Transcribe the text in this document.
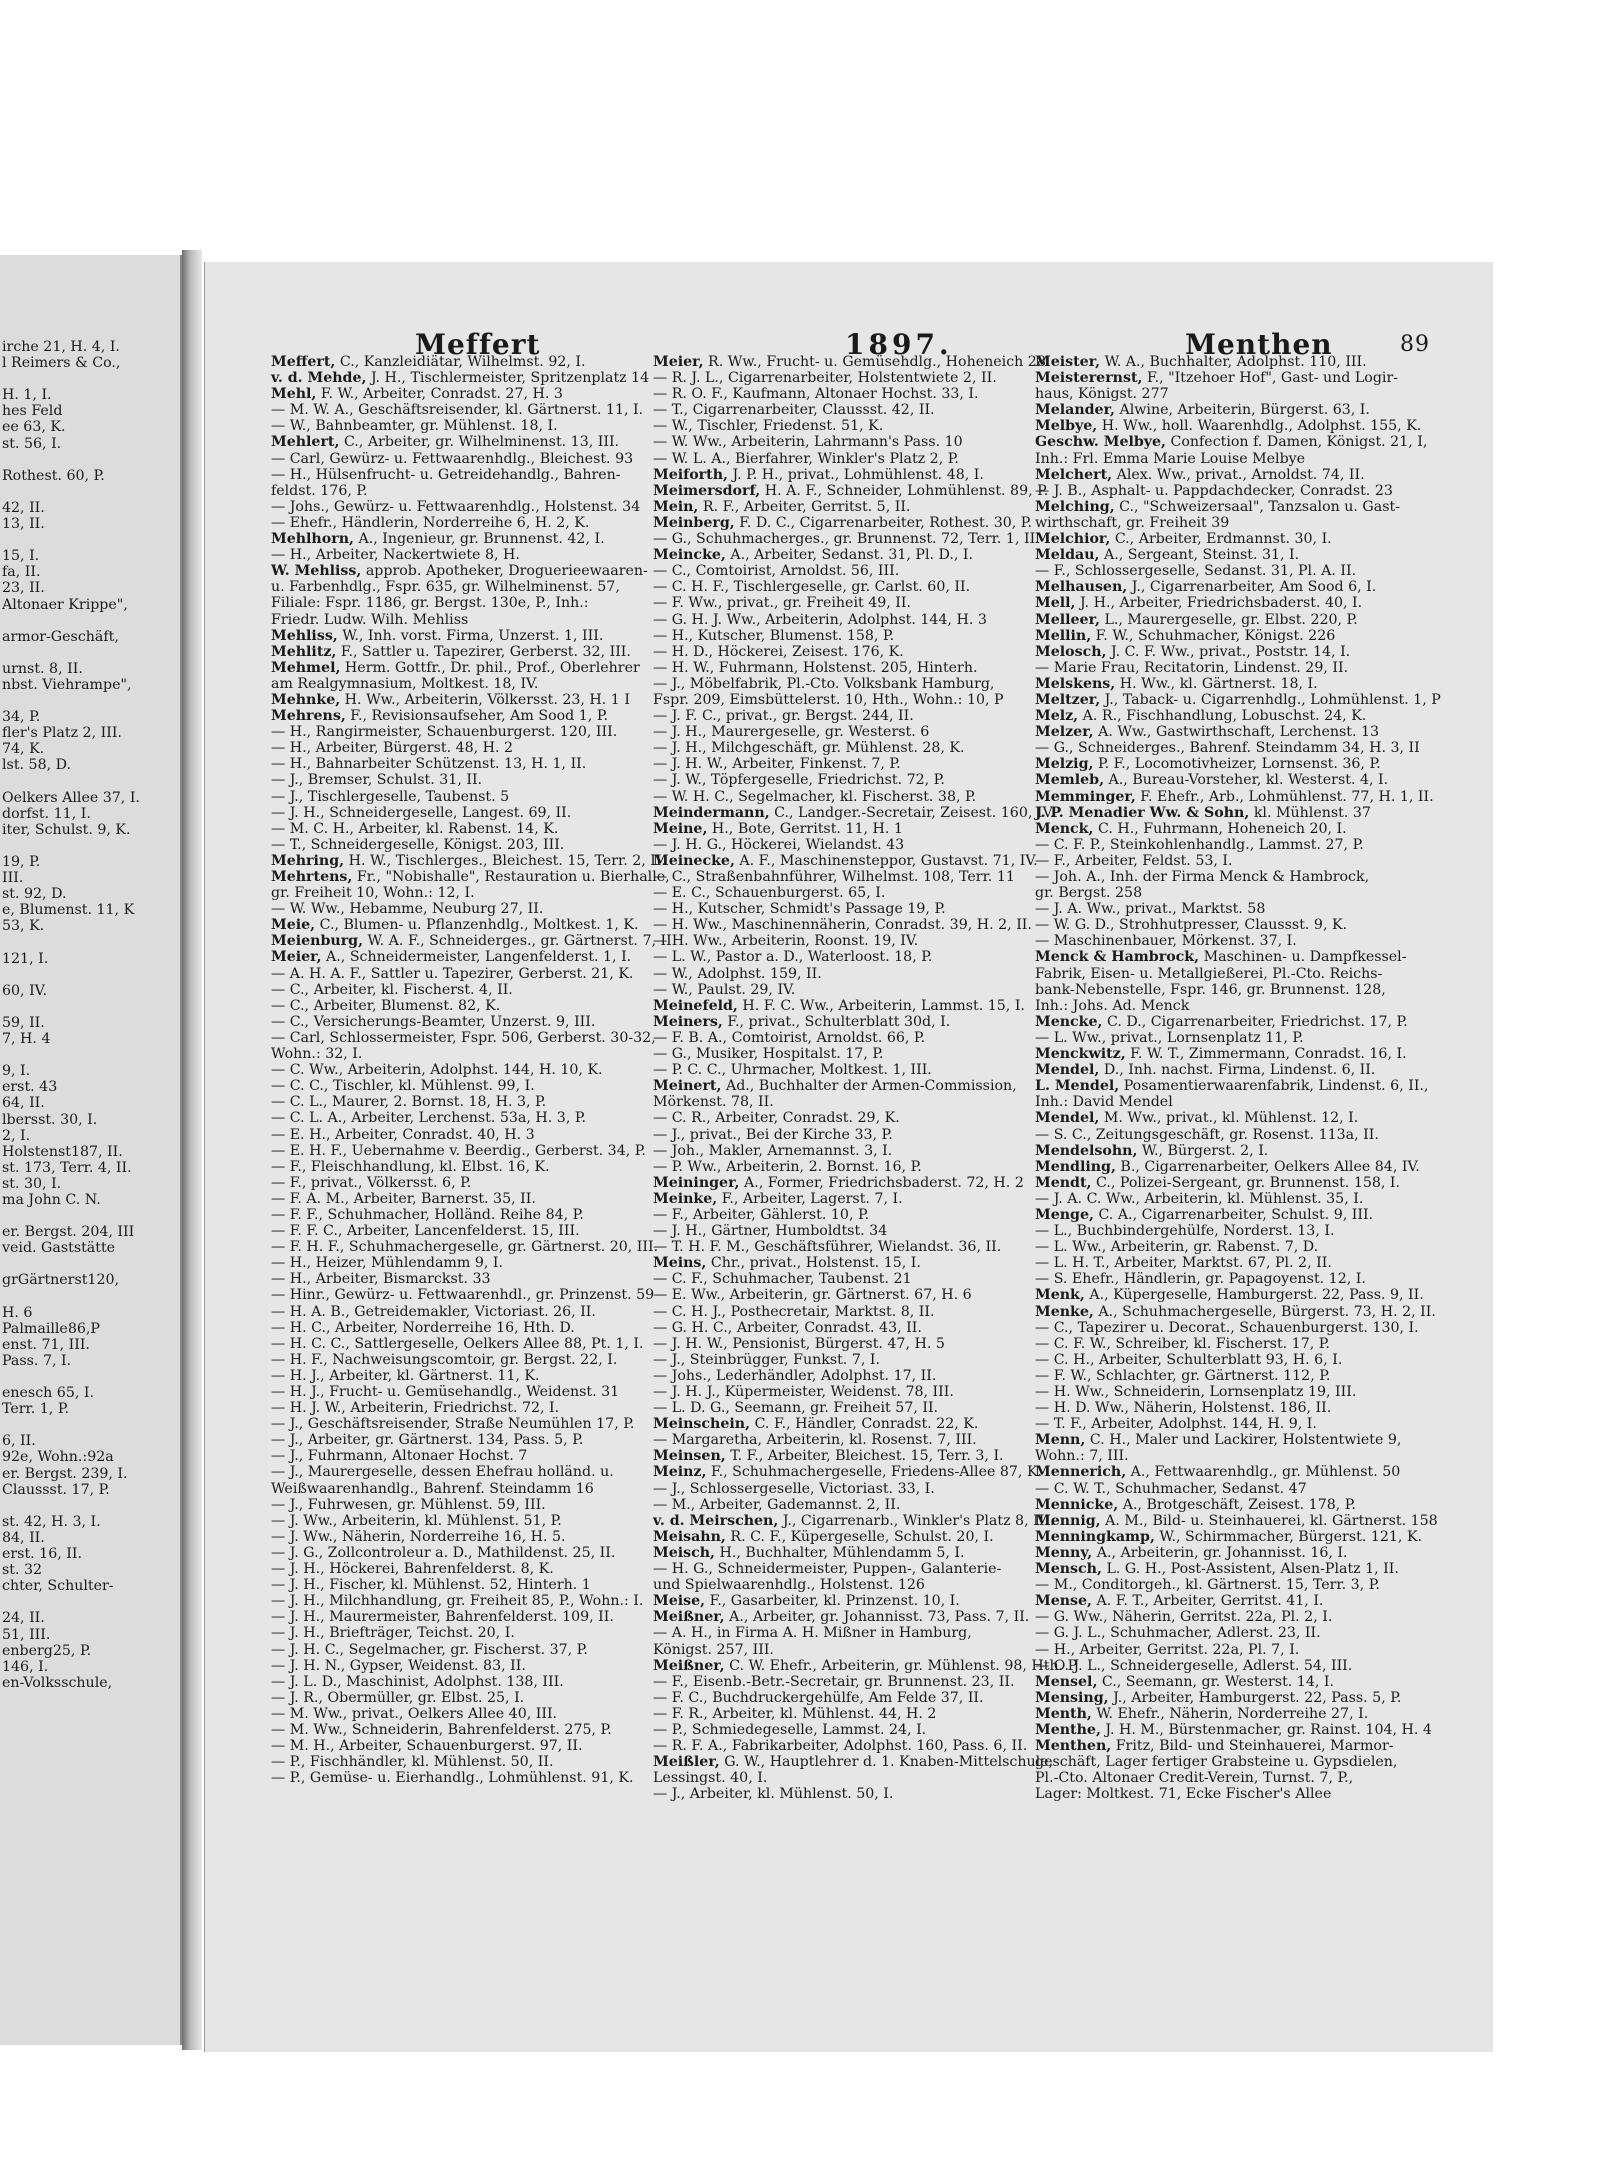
irche 21, H. 4, I.
l Reimers & Co.,

H. 1, I.
hes Feld
ee 63, K.
st. 56, I.

Rothest. 60, P.

42, II.
13, II.

15, I.
fa, II.
23, II.
Altonaer Krippe",

armor-Geschäft,

urnst. 8, II.
nbst. Viehrampe",

34, P.
fler's Platz 2, III.
74, K.
lst. 58, D.

Oelkers Allee 37, I.
dorfst. 11, I.
iter, Schulst. 9, K.

19, P.
III.
st. 92, D.
e, Blumenst. 11, K
53, K.

121, I.

60, IV.

59, II.
7, H. 4

9, I.
erst. 43
64, II.
lbersst. 30, I.
2, I.
Holstenst187, II.
st. 173, Terr. 4, II.
st. 30, I.
ma John C. N.

er. Bergst. 204, III
veid. Gaststätte

grGärtnerst120,

H. 6
Palmaille86,P
enst. 71, III.
Pass. 7, I.

enesch 65, I.
Terr. 1, P.

6, II.
92e, Wohn.:92a
er. Bergst. 239, I.
Claussst. 17, P.

st. 42, H. 3, I.
84, II.
erst. 16, II.
st. 32
chter, Schulter-

24, II.
51, III.
enberg25, P.
146, I.
en-Volksschule,
Meffert	1897.	Menthen	89
Meffert, C., Kanzleidiätar, Wilhelmst. 92, I.
v. d. Mehde, J. H., Tischlermeister, Spritzenplatz 14
Mehl, F. W., Arbeiter, Conradst. 27, H. 3
— M. W. A., Geschäftsreisender, kl. Gärtnerst. 11, I.
— W., Bahnbeamter, gr. Mühlenst. 18, I.
Mehlert, C., Arbeiter, gr. Wilhelminenst. 13, III.
— Carl, Gewürz- u. Fettwaarenhdlg., Bleichest. 93
— H., Hülsenfrucht- u. Getreidehandlg., Bahren-
feldst. 176, P.
— Johs., Gewürz- u. Fettwaarenhdlg., Holstenst. 34
— Ehefr., Händlerin, Norderreihe 6, H. 2, K.
Mehlhorn, A., Ingenieur, gr. Brunnenst. 42, I.
— H., Arbeiter, Nackertwiete 8, H.
W. Mehliss, approb. Apotheker, Droguerieewaaren-
u. Farbenhdlg., Fspr. 635, gr. Wilhelminenst. 57,
Filiale: Fspr. 1186, gr. Bergst. 130e, P., Inh.:
Friedr. Ludw. Wilh. Mehliss
Mehliss, W., Inh. vorst. Firma, Unzerst. 1, III.
Mehlitz, F., Sattler u. Tapezirer, Gerberst. 32, III.
Mehmel, Herm. Gottfr., Dr. phil., Prof., Oberlehrer
am Realgymnasium, Moltkest. 18, IV.
Mehnke, H. Ww., Arbeiterin, Völkersst. 23, H. 1 I
Mehrens, F., Revisionsaufseher, Am Sood 1, P.
— H., Rangirmeister, Schauenburgerst. 120, III.
— H., Arbeiter, Bürgerst. 48, H. 2
— H., Bahnarbeiter Schützenst. 13, H. 1, II.
— J., Bremser, Schulst. 31, II.
— J., Tischlergeselle, Taubenst. 5
— J. H., Schneidergeselle, Langest. 69, II.
— M. C. H., Arbeiter, kl. Rabenst. 14, K.
— T., Schneidergeselle, Königst. 203, III.
Mehring, H. W., Tischlerges., Bleichest. 15, Terr. 2, II.
Mehrtens, Fr., "Nobishalle", Restauration u. Bierhalle,
gr. Freiheit 10, Wohn.: 12, I.
— W. Ww., Hebamme, Neuburg 27, II.
Meie, C., Blumen- u. Pflanzenhdlg., Moltkest. 1, K.
Meienburg, W. A. F., Schneiderges., gr. Gärtnerst. 7, II
Meier, A., Schneidermeister, Langenfelderst. 1, I.
— A. H. A. F., Sattler u. Tapezirer, Gerberst. 21, K.
— C., Arbeiter, kl. Fischerst. 4, II.
— C., Arbeiter, Blumenst. 82, K.
— C., Versicherungs-Beamter, Unzerst. 9, III.
— Carl, Schlossermeister, Fspr. 506, Gerberst. 30-32,
Wohn.: 32, I.
— C. Ww., Arbeiterin, Adolphst. 144, H. 10, K.
— C. C., Tischler, kl. Mühlenst. 99, I.
— C. L., Maurer, 2. Bornst. 18, H. 3, P.
— C. L. A., Arbeiter, Lerchenst. 53a, H. 3, P.
— E. H., Arbeiter, Conradst. 40, H. 3
— E. H. F., Uebernahme v. Beerdig., Gerberst. 34, P.
— F., Fleischhandlung, kl. Elbst. 16, K.
— F., privat., Völkersst. 6, P.
— F. A. M., Arbeiter, Barnerst. 35, II.
— F. F., Schuhmacher, Holländ. Reihe 84, P.
— F. F. C., Arbeiter, Lancenfelderst. 15, III.
— F. H. F., Schuhmachergeselle, gr. Gärtnerst. 20, III.
— H., Heizer, Mühlendamm 9, I.
— H., Arbeiter, Bismarckst. 33
— Hinr., Gewürz- u. Fettwaarenhdl., gr. Prinzenst. 59
— H. A. B., Getreidemakler, Victoriast. 26, II.
— H. C., Arbeiter, Norderreihe 16, Hth. D.
— H. C. C., Sattlergeselle, Oelkers Allee 88, Pt. 1, I.
— H. F., Nachweisungscomtoir, gr. Bergst. 22, I.
— H. J., Arbeiter, kl. Gärtnerst. 11, K.
— H. J., Frucht- u. Gemüsehandlg., Weidenst. 31
— H. J. W., Arbeiterin, Friedrichst. 72, I.
— J., Geschäftsreisender, Straße Neumühlen 17, P.
— J., Arbeiter, gr. Gärtnerst. 134, Pass. 5, P.
— J., Fuhrmann, Altonaer Hochst. 7
— J., Maurergeselle, dessen Ehefrau holländ. u.
Weißwaarenhandlg., Bahrenf. Steindamm 16
— J., Fuhrwesen, gr. Mühlenst. 59, III.
— J. Ww., Arbeiterin, kl. Mühlenst. 51, P.
— J. Ww., Näherin, Norderreihe 16, H. 5.
— J. G., Zollcontroleur a. D., Mathildenst. 25, II.
— J. H., Höckerei, Bahrenfelderst. 8, K.
— J. H., Fischer, kl. Mühlenst. 52, Hinterh. 1
— J. H., Milchhandlung, gr. Freiheit 85, P., Wohn.: I.
— J. H., Maurermeister, Bahrenfelderst. 109, II.
— J. H., Briefträger, Teichst. 20, I.
— J. H. C., Segelmacher, gr. Fischerst. 37, P.
— J. H. N., Gypser, Weidenst. 83, II.
— J. L. D., Maschinist, Adolphst. 138, III.
— J. R., Obermüller, gr. Elbst. 25, I.
— M. Ww., privat., Oelkers Allee 40, III.
— M. Ww., Schneiderin, Bahrenfelderst. 275, P.
— M. H., Arbeiter, Schauenburgerst. 97, II.
— P., Fischhändler, kl. Mühlenst. 50, II.
— P., Gemüse- u. Eierhandlg., Lohmühlenst. 91, K.
Meier, R. Ww., Frucht- u. Gemüsehdlg., Hoheneich 28
— R. J. L., Cigarrenarbeiter, Holstentwiete 2, II.
— R. O. F., Kaufmann, Altonaer Hochst. 33, I.
— T., Cigarrenarbeiter, Claussst. 42, II.
— W., Tischler, Friedenst. 51, K.
— W. Ww., Arbeiterin, Lahrmann's Pass. 10
— W. L. A., Bierfahrer, Winkler's Platz 2, P.
Meiforth, J. P. H., privat., Lohmühlenst. 48, I.
Meimersdorf, H. A. F., Schneider, Lohmühlenst. 89, P.
Mein, R. F., Arbeiter, Gerritst. 5, II.
Meinberg, F. D. C., Cigarrenarbeiter, Rothest. 30, P.
— G., Schuhmacherges., gr. Brunnenst. 72, Terr. 1, II.
Meincke, A., Arbeiter, Sedanst. 31, Pl. D., I.
— C., Comtoirist, Arnoldst. 56, III.
— C. H. F., Tischlergeselle, gr. Carlst. 60, II.
— F. Ww., privat., gr. Freiheit 49, II.
— G. H. J. Ww., Arbeiterin, Adolphst. 144, H. 3
— H., Kutscher, Blumenst. 158, P.
— H. D., Höckerei, Zeisest. 176, K.
— H. W., Fuhrmann, Holstenst. 205, Hinterh.
— J., Möbelfabrik, Pl.-Cto. Volksbank Hamburg,
Fspr. 209, Eimsbüttelerst. 10, Hth., Wohn.: 10, P
— J. F. C., privat., gr. Bergst. 244, II.
— J. H., Maurergeselle, gr. Westerst. 6
— J. H., Milchgeschäft, gr. Mühlenst. 28, K.
— J. H. W., Arbeiter, Finkenst. 7, P.
— J. W., Töpfergeselle, Friedrichst. 72, P.
— W. H. C., Segelmacher, kl. Fischerst. 38, P.
Meindermann, C., Landger.-Secretair, Zeisest. 160, IV.
Meine, H., Bote, Gerritst. 11, H. 1
— J. H. G., Höckerei, Wielandst. 43
Meinecke, A. F., Maschinensteppor, Gustavst. 71, IV.
— C., Straßenbahnführer, Wilhelmst. 108, Terr. 11
— E. C., Schauenburgerst. 65, I.
— H., Kutscher, Schmidt's Passage 19, P.
— H. Ww., Maschinennäherin, Conradst. 39, H. 2, II.
— H. Ww., Arbeiterin, Roonst. 19, IV.
— L. W., Pastor a. D., Waterloost. 18, P.
— W., Adolphst. 159, II.
— W., Paulst. 29, IV.
Meinefeld, H. F. C. Ww., Arbeiterin, Lammst. 15, I.
Meiners, F., privat., Schulterblatt 30d, I.
— F. B. A., Comtoirist, Arnoldst. 66, P.
— G., Musiker, Hospitalst. 17, P.
— P. C. C., Uhrmacher, Moltkest. 1, III.
Meinert, Ad., Buchhalter der Armen-Commission,
Mörkenst. 78, II.
— C. R., Arbeiter, Conradst. 29, K.
— J., privat., Bei der Kirche 33, P.
— Joh., Makler, Arnemannst. 3, I.
— P. Ww., Arbeiterin, 2. Bornst. 16, P.
Meininger, A., Former, Friedrichsbaderst. 72, H. 2
Meinke, F., Arbeiter, Lagerst. 7, I.
— F., Arbeiter, Gählerst. 10, P.
— J. H., Gärtner, Humboldtst. 34
— T. H. F. M., Geschäftsführer, Wielandst. 36, II.
Meins, Chr., privat., Holstenst. 15, I.
— C. F., Schuhmacher, Taubenst. 21
— E. Ww., Arbeiterin, gr. Gärtnerst. 67, H. 6
— C. H. J., Posthecretair, Marktst. 8, II.
— G. H. C., Arbeiter, Conradst. 43, II.
— J. H. W., Pensionist, Bürgerst. 47, H. 5
— J., Steinbrügger, Funkst. 7, I.
— Johs., Lederhändler, Adolphst. 17, II.
— J. H. J., Küpermeister, Weidenst. 78, III.
— L. D. G., Seemann, gr. Freiheit 57, II.
Meinschein, C. F., Händler, Conradst. 22, K.
— Margaretha, Arbeiterin, kl. Rosenst. 7, III.
Meinsen, T. F., Arbeiter, Bleichest. 15, Terr. 3, I.
Meinz, F., Schuhmachergeselle, Friedens-Allee 87, K.
— J., Schlossergeselle, Victoriast. 33, I.
— M., Arbeiter, Gademannst. 2, II.
v. d. Meirschen, J., Cigarrenarb., Winkler's Platz 8, III.
Meisahn, R. C. F., Küpergeselle, Schulst. 20, I.
Meisch, H., Buchhalter, Mühlendamm 5, I.
— H. G., Schneidermeister, Puppen-, Galanterie-
und Spielwaarenhdlg., Holstenst. 126
Meise, F., Gasarbeiter, kl. Prinzenst. 10, I.
Meißner, A., Arbeiter, gr. Johannisst. 73, Pass. 7, II.
— A. H., in Firma A. H. Mißner in Hamburg,
Königst. 257, III.
Meißner, C. W. Ehefr., Arbeiterin, gr. Mühlenst. 98, Hth. P
— F., Eisenb.-Betr.-Secretair, gr. Brunnenst. 23, II.
— F. C., Buchdruckergehülfe, Am Felde 37, II.
— F. R., Arbeiter, kl. Mühlenst. 44, H. 2
— P., Schmiedegeselle, Lammst. 24, I.
— R. F. A., Fabrikarbeiter, Adolphst. 160, Pass. 6, II.
Meißler, G. W., Hauptlehrer d. 1. Knaben-Mittelschule,
Lessingst. 40, I.
— J., Arbeiter, kl. Mühlenst. 50, I.
Meister, W. A., Buchhalter, Adolphst. 110, III.
Meisterernst, F., "Itzehoer Hof", Gast- und Logir-
haus, Königst. 277
Melander, Alwine, Arbeiterin, Bürgerst. 63, I.
Melbye, H. Ww., holl. Waarenhdlg., Adolphst. 155, K.
Geschw. Melbye, Confection f. Damen, Königst. 21, I,
Inh.: Frl. Emma Marie Louise Melbye
Melchert, Alex. Ww., privat., Arnoldst. 74, II.
— J. B., Asphalt- u. Pappdachdecker, Conradst. 23
Melching, C., "Schweizersaal", Tanzsalon u. Gast-
wirthschaft, gr. Freiheit 39
Melchior, C., Arbeiter, Erdmannst. 30, I.
Meldau, A., Sergeant, Steinst. 31, I.
— F., Schlossergeselle, Sedanst. 31, Pl. A. II.
Melhausen, J., Cigarrenarbeiter, Am Sood 6, I.
Mell, J. H., Arbeiter, Friedrichsbaderst. 40, I.
Melleer, L., Maurergeselle, gr. Elbst. 220, P.
Mellin, F. W., Schuhmacher, Königst. 226
Melosch, J. C. F. Ww., privat., Poststr. 14, I.
— Marie Frau, Recitatorin, Lindenst. 29, II.
Melskens, H. Ww., kl. Gärtnerst. 18, I.
Meltzer, J., Taback- u. Cigarrenhdlg., Lohmühlenst. 1, P
Melz, A. R., Fischhandlung, Lobuschst. 24, K.
Melzer, A. Ww., Gastwirthschaft, Lerchenst. 13
— G., Schneiderges., Bahrenf. Steindamm 34, H. 3, II
Melzig, P. F., Locomotivheizer, Lornsenst. 36, P.
Memleb, A., Bureau-Vorsteher, kl. Westerst. 4, I.
Memminger, F. Ehefr., Arb., Lohmühlenst. 77, H. 1, II.
J. P. Menadier Ww. & Sohn, kl. Mühlenst. 37
Menck, C. H., Fuhrmann, Hoheneich 20, I.
— C. F. P., Steinkohlenhandlg., Lammst. 27, P.
— F., Arbeiter, Feldst. 53, I.
— Joh. A., Inh. der Firma Menck & Hambrock,
gr. Bergst. 258
— J. A. Ww., privat., Marktst. 58
— W. G. D., Strohhutpresser, Claussst. 9, K.
— Maschinenbauer, Mörkenst. 37, I.
Menck & Hambrock, Maschinen- u. Dampfkessel-
Fabrik, Eisen- u. Metallgießerei, Pl.-Cto. Reichs-
bank-Nebenstelle, Fspr. 146, gr. Brunnenst. 128,
Inh.: Johs. Ad. Menck
Mencke, C. D., Cigarrenarbeiter, Friedrichst. 17, P.
— L. Ww., privat., Lornsenplatz 11, P.
Menckwitz, F. W. T., Zimmermann, Conradst. 16, I.
Mendel, D., Inh. nachst. Firma, Lindenst. 6, II.
L. Mendel, Posamentierwaarenfabrik, Lindenst. 6, II.,
Inh.: David Mendel
Mendel, M. Ww., privat., kl. Mühlenst. 12, I.
— S. C., Zeitungsgeschäft, gr. Rosenst. 113a, II.
Mendelsohn, W., Bürgerst. 2, I.
Mendling, B., Cigarrenarbeiter, Oelkers Allee 84, IV.
Mendt, C., Polizei-Sergeant, gr. Brunnenst. 158, I.
— J. A. C. Ww., Arbeiterin, kl. Mühlenst. 35, I.
Menge, C. A., Cigarrenarbeiter, Schulst. 9, III.
— L., Buchbindergehülfe, Norderst. 13, I.
— L. Ww., Arbeiterin, gr. Rabenst. 7, D.
— L. H. T., Arbeiter, Marktst. 67, Pl. 2, II.
— S. Ehefr., Händlerin, gr. Papagoyenst. 12, I.
Menk, A., Küpergeselle, Hamburgerst. 22, Pass. 9, II.
Menke, A., Schuhmachergeselle, Bürgerst. 73, H. 2, II.
— C., Tapezirer u. Decorat., Schauenburgerst. 130, I.
— C. F. W., Schreiber, kl. Fischerst. 17, P.
— C. H., Arbeiter, Schulterblatt 93, H. 6, I.
— F. W., Schlachter, gr. Gärtnerst. 112, P.
— H. Ww., Schneiderin, Lornsenplatz 19, III.
— H. D. Ww., Näherin, Holstenst. 186, II.
— T. F., Arbeiter, Adolphst. 144, H. 9, I.
Menn, C. H., Maler und Lackirer, Holstentwiete 9,
Wohn.: 7, III.
Mennerich, A., Fettwaarenhdlg., gr. Mühlenst. 50
— C. W. T., Schuhmacher, Sedanst. 47
Mennicke, A., Brotgeschäft, Zeisest. 178, P.
Mennig, A. M., Bild- u. Steinhauerei, kl. Gärtnerst. 158
Menningkamp, W., Schirmmacher, Bürgerst. 121, K.
Menny, A., Arbeiterin, gr. Johannisst. 16, I.
Mensch, L. G. H., Post-Assistent, Alsen-Platz 1, II.
— M., Conditorgeh., kl. Gärtnerst. 15, Terr. 3, P.
Mense, A. F. T., Arbeiter, Gerritst. 41, I.
— G. Ww., Näherin, Gerritst. 22a, Pl. 2, I.
— G. J. L., Schuhmacher, Adlerst. 23, II.
— H., Arbeiter, Gerritst. 22a, Pl. 7, I.
— O. J. L., Schneidergeselle, Adlerst. 54, III.
Mensel, C., Seemann, gr. Westerst. 14, I.
Mensing, J., Arbeiter, Hamburgerst. 22, Pass. 5, P.
Menth, W. Ehefr., Näherin, Norderreihe 27, I.
Menthe, J. H. M., Bürstenmacher, gr. Rainst. 104, H. 4
Menthen, Fritz, Bild- und Steinhauerei, Marmor-
geschäft, Lager fertiger Grabsteine u. Gypsdielen,
Pl.-Cto. Altonaer Credit-Verein, Turnst. 7, P.,
Lager: Moltkest. 71, Ecke Fischer's Allee
